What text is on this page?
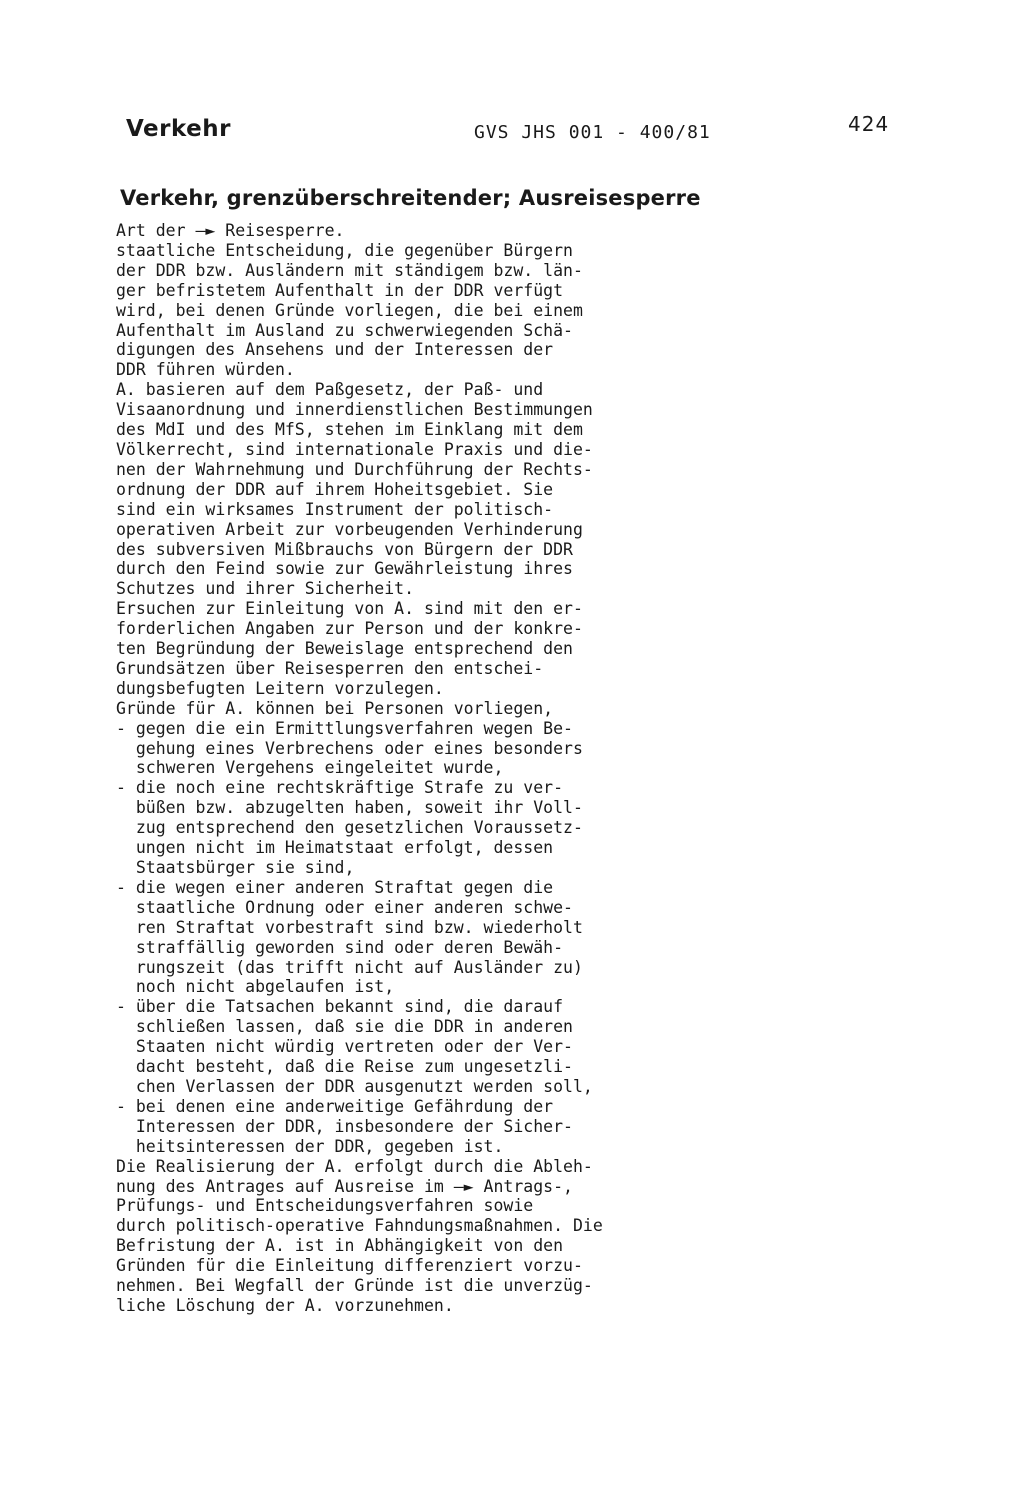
Verkehr	GVS JHS 001 - 400/81	424
Verkehr, grenzüberschreitender; Ausreisesperre
Art der —► Reisesperre.
staatliche Entscheidung, die gegenüber Bürgern
der DDR bzw. Ausländern mit ständigem bzw. län-
ger befristetem Aufenthalt in der DDR verfügt
wird, bei denen Gründe vorliegen, die bei einem
Aufenthalt im Ausland zu schwerwiegenden Schä-
digungen des Ansehens und der Interessen der
DDR führen würden.
A. basieren auf dem Paßgesetz, der Paß- und
Visaanordnung und innerdienstlichen Bestimmungen
des MdI und des MfS, stehen im Einklang mit dem
Völkerrecht, sind internationale Praxis und die-
nen der Wahrnehmung und Durchführung der Rechts-
ordnung der DDR auf ihrem Hoheitsgebiet. Sie
sind ein wirksames Instrument der politisch-
operativen Arbeit zur vorbeugenden Verhinderung
des subversiven Mißbrauchs von Bürgern der DDR
durch den Feind sowie zur Gewährleistung ihres
Schutzes und ihrer Sicherheit.
Ersuchen zur Einleitung von A. sind mit den er-
forderlichen Angaben zur Person und der konkre-
ten Begründung der Beweislage entsprechend den
Grundsätzen über Reisesperren den entschei-
dungsbefugten Leitern vorzulegen.
Gründe für A. können bei Personen vorliegen,
- gegen die ein Ermittlungsverfahren wegen Be-
gehung eines Verbrechens oder eines besonders
schweren Vergehens eingeleitet wurde,
- die noch eine rechtskräftige Strafe zu ver-
büßen bzw. abzugelten haben, soweit ihr Voll-
zug entsprechend den gesetzlichen Voraussetz-
ungen nicht im Heimatstaat erfolgt, dessen
Staatsbürger sie sind,
- die wegen einer anderen Straftat gegen die
staatliche Ordnung oder einer anderen schwe-
ren Straftat vorbestraft sind bzw. wiederholt
straffällig geworden sind oder deren Bewäh-
rungszeit (das trifft nicht auf Ausländer zu)
noch nicht abgelaufen ist,
- über die Tatsachen bekannt sind, die darauf
schließen lassen, daß sie die DDR in anderen
Staaten nicht würdig vertreten oder der Ver-
dacht besteht, daß die Reise zum ungesetzli-
chen Verlassen der DDR ausgenutzt werden soll,
- bei denen eine anderweitige Gefährdung der
Interessen der DDR, insbesondere der Sicher-
heitsinteressen der DDR, gegeben ist.
Die Realisierung der A. erfolgt durch die Ableh-
nung des Antrages auf Ausreise im —► Antrags-,
Prüfungs- und Entscheidungsverfahren sowie
durch politisch-operative Fahndungsmaßnahmen. Die
Befristung der A. ist in Abhängigkeit von den
Gründen für die Einleitung differenziert vorzu-
nehmen. Bei Wegfall der Gründe ist die unverzüg-
liche Löschung der A. vorzunehmen.
